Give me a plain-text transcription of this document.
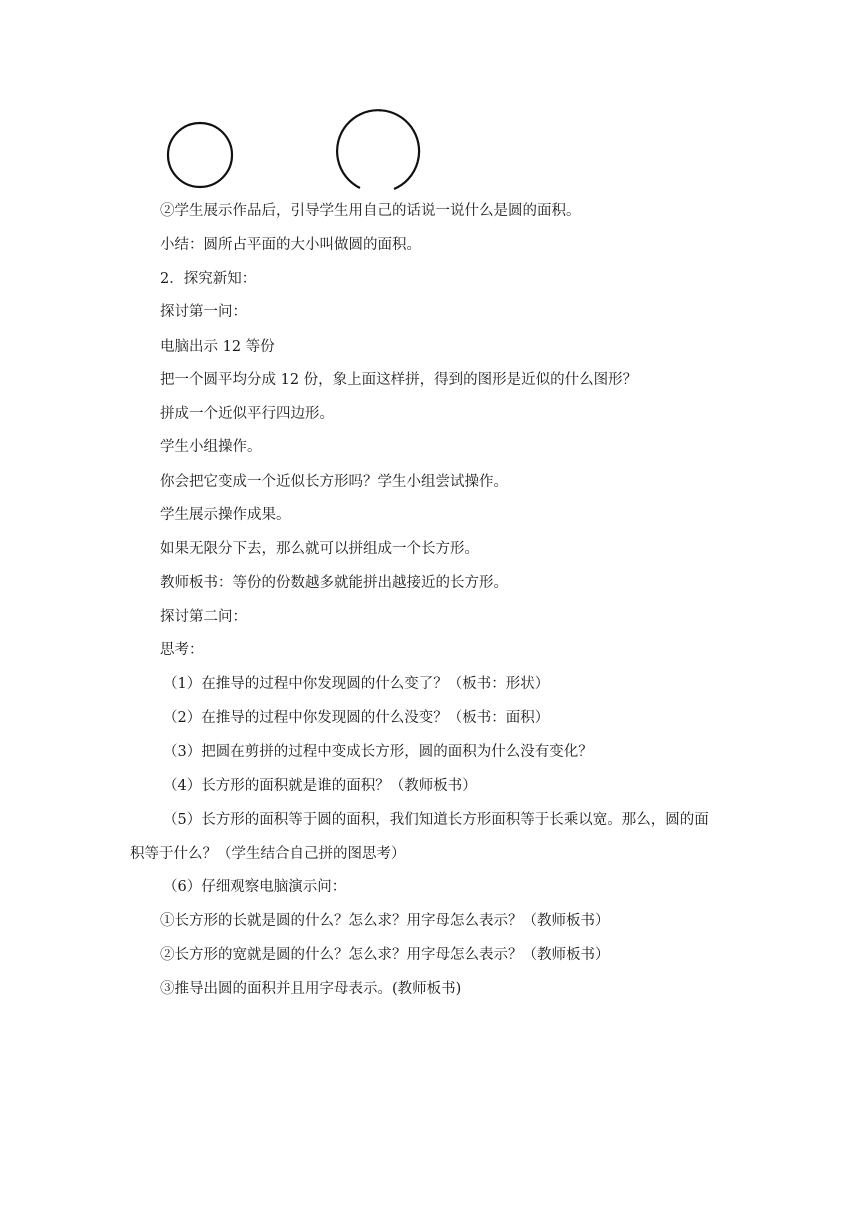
②学生展示作品后，引导学生用自己的话说一说什么是圆的面积。
小结：圆所占平面的大小叫做圆的面积。
2．探究新知：
探讨第一问：
电脑出示 12 等份
把一个圆平均分成 12 份，象上面这样拼，得到的图形是近似的什么图形？
拼成一个近似平行四边形。
学生小组操作。
你会把它变成一个近似长方形吗？学生小组尝试操作。
学生展示操作成果。
如果无限分下去，那么就可以拼组成一个长方形。
教师板书：等份的份数越多就能拼出越接近的长方形。
探讨第二问：
思考：
（1）在推导的过程中你发现圆的什么变了？（板书：形状）
（2）在推导的过程中你发现圆的什么没变？（板书：面积）
（3）把圆在剪拼的过程中变成长方形，圆的面积为什么没有变化？
（4）长方形的面积就是谁的面积？（教师板书）
（5）长方形的面积等于圆的面积，我们知道长方形面积等于长乘以宽。那么，圆的面
积等于什么？（学生结合自己拼的图思考）
（6）仔细观察电脑演示问：
①长方形的长就是圆的什么？怎么求？用字母怎么表示？（教师板书）
②长方形的宽就是圆的什么？怎么求？用字母怎么表示？（教师板书）
③推导出圆的面积并且用字母表示。(教师板书)
